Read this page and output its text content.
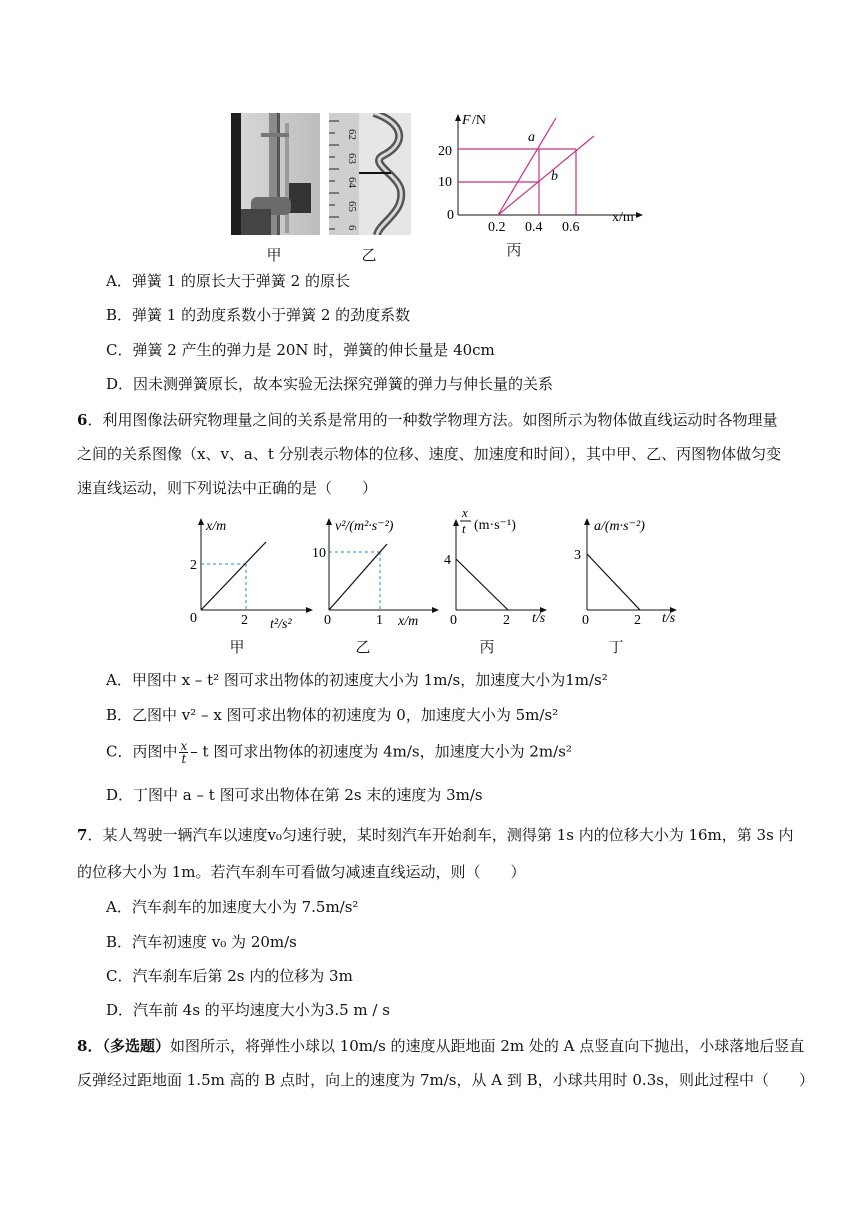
62
63
64
65
6
甲	乙
F /N
x/m
20
10
0
0.2 0.4 0.6
a
b
丙
A．弹簧 1 的原长大于弹簧 2 的原长
B．弹簧 1 的劲度系数小于弹簧 2 的劲度系数
C．弹簧 2 产生的弹力是 20N 时，弹簧的伸长量是 40cm
D．因未测弹簧原长，故本实验无法探究弹簧的弹力与伸长量的关系
6．利用图像法研究物理量之间的关系是常用的一种数学物理方法。如图所示为物体做直线运动时各物理量
之间的关系图像（x、v、a、t 分别表示物体的位移、速度、加速度和时间），其中甲、乙、丙图物体做匀变
速直线运动，则下列说法中正确的是（　　）
x/m
t²/s²
2
0	2
甲
v²/(m²·s⁻²)
x/m
10
0	1
乙
x
t (m·s⁻¹)
t/s
4
0	2
丙
a/(m·s⁻²)
t/s
3
0	2
丁
A．甲图中 x – t² 图可求出物体的初速度大小为 1m/s，加速度大小为1m/s²
B．乙图中 v² – x 图可求出物体的初速度为 0，加速度大小为 5m/s²
C．丙图中 $\frac{x}{t}$ – t 图可求出物体的初速度为 4m/s，加速度大小为 2m/s²
D．丁图中 a – t 图可求出物体在第 2s 末的速度为 3m/s
7．某人驾驶一辆汽车以速度v₀匀速行驶，某时刻汽车开始刹车，测得第 1s 内的位移大小为 16m，第 3s 内
的位移大小为 1m。若汽车刹车可看做匀减速直线运动，则（　　）
A．汽车刹车的加速度大小为 7.5m/s²
B．汽车初速度 v₀ 为 20m/s
C．汽车刹车后第 2s 内的位移为 3m
D．汽车前 4s 的平均速度大小为3.5 m / s
8．（多选题）如图所示，将弹性小球以 10m/s 的速度从距地面 2m 处的 A 点竖直向下抛出，小球落地后竖直
反弹经过距地面 1.5m 高的 B 点时，向上的速度为 7m/s，从 A 到 B，小球共用时 0.3s，则此过程中（　　）
